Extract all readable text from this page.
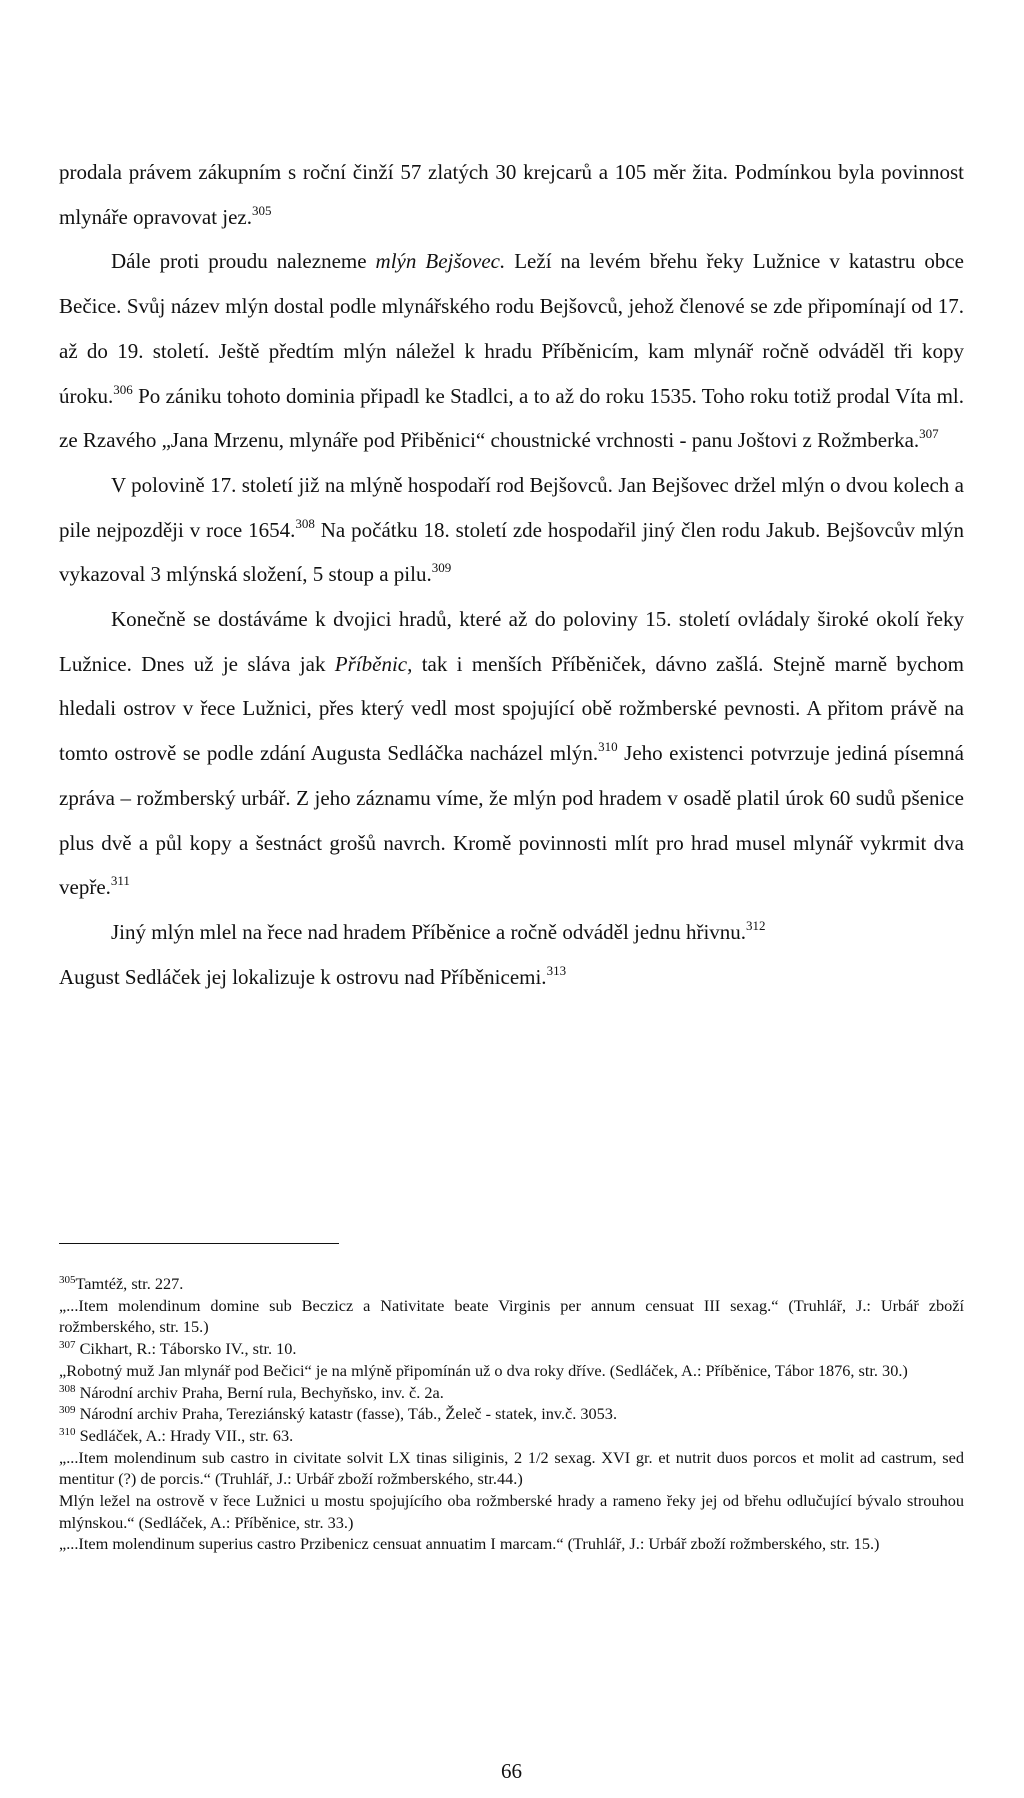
prodala právem zákupním s roční činží 57 zlatých 30 krejcarů a 105 měr žita. Podmínkou byla povinnost mlynáře opravovat jez.$^{305}$

Dále proti proudu nalezneme mlýn Bejšovec. Leží na levém břehu řeky Lužnice v katastru obce Bečice. Svůj název mlýn dostal podle mlynářského rodu Bejšovců, jehož členové se zde připomínají od 17. až do 19. století. Ještě předtím mlýn náležel k hradu Příběnicím, kam mlynář ročně odváděl tři kopy úroku.$^{306}$ Po zániku tohoto dominia připadl ke Stadlci, a to až do roku 1535. Toho roku totiž prodal Víta ml. ze Rzavého „Jana Mrzenu, mlynáře pod Přiběnici“ choustnické vrchnosti - panu Joštovi z Rožmberka.$^{307}$

V polovině 17. století již na mlýně hospodaří rod Bejšovců. Jan Bejšovec držel mlýn o dvou kolech a pile nejpozději v roce 1654.$^{308}$ Na počátku 18. století zde hospodařil jiný člen rodu Jakub. Bejšovcův mlýn vykazoval 3 mlýnská složení, 5 stoup a pilu.$^{309}$

Konečně se dostáváme k dvojici hradů, které až do poloviny 15. století ovládaly široké okolí řeky Lužnice. Dnes už je sláva jak Příběnic, tak i menších Příběniček, dávno zašlá. Stejně marně bychom hledali ostrov v řece Lužnici, přes který vedl most spojující obě rožmberské pevnosti. A přitom právě na tomto ostrově se podle zdání Augusta Sedláčka nacházel mlýn.$^{310}$ Jeho existenci potvrzuje jediná písemná zpráva – rožmberský urbář. Z jeho záznamu víme, že mlýn pod hradem v osadě platil úrok 60 sudů pšenice plus dvě a půl kopy a šestnáct grošů navrch. Kromě povinnosti mlít pro hrad musel mlynář vykrmit dva vepře.$^{311}$

Jiný mlýn mlel na řece nad hradem Příběnice a ročně odváděl jednu hřivnu.$^{312}$

August Sedláček jej lokalizuje k ostrovu nad Příběnicemi.$^{313}$

$^{305}$Tamtéž, str. 227.

„...Item molendinum domine sub Beczicz a Nativitate beate Virginis per annum censuat III sexag.“ (Truhlář, J.: Urbář zboží rožmberského, str. 15.)

$^{307}$ Cikhart, R.: Táborsko IV., str. 10.

„Robotný muž Jan mlynář pod Bečici“ je na mlýně připomínán už o dva roky dříve. (Sedláček, A.: Příběnice, Tábor 1876, str. 30.)

$^{308}$ Národní archiv Praha, Berní rula, Bechyňsko, inv. č. 2a.

$^{309}$ Národní archiv Praha, Tereziánský katastr (fasse), Táb., Želeč - statek, inv.č. 3053.

$^{310}$ Sedláček, A.: Hrady VII., str. 63.

„...Item molendinum sub castro in civitate solvit LX tinas siliginis, 2 1/2 sexag. XVI gr. et nutrit duos porcos et molit ad castrum, sed mentitur (?) de porcis.“ (Truhlář, J.: Urbář zboží rožmberského, str.44.)

Mlýn ležel na ostrově v řece Lužnici u mostu spojujícího oba rožmberské hrady a rameno řeky jej od břehu odlučující bývalo strouhou mlýnskou.“ (Sedláček, A.: Příběnice, str. 33.)

„...Item molendinum superius castro Przibenicz censuat annuatim I marcam.“ (Truhlář, J.: Urbář zboží rožmberského, str. 15.)

66
